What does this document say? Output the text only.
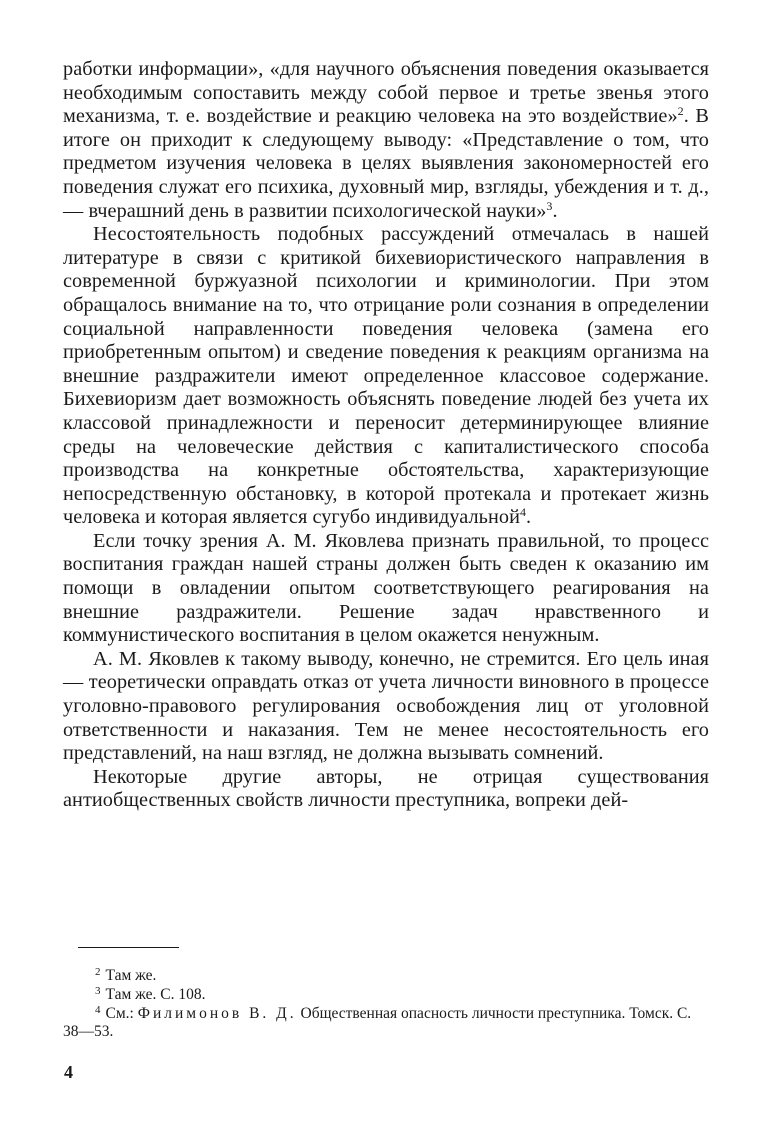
работки информации», «для научного объяснения поведения оказывается необходимым сопоставить между собой первое и третье звенья этого механизма, т. е. воздействие и реакцию человека на это воздействие»$^2$. В итоге он приходит к следующему выводу: «Представление о том, что предметом изучения человека в целях выявления закономерностей его поведения служат его психика, духовный мир, взгляды, убеждения и т. д.,— вчерашний день в развитии психологической науки»$^3$.

Несостоятельность подобных рассуждений отмечалась в нашей литературе в связи с критикой бихевиористического направления в современной буржуазной психологии и криминологии. При этом обращалось внимание на то, что отрицание роли сознания в определении социальной направленности поведения человека (замена его приобретенным опытом) и сведение поведения к реакциям организма на внешние раздражители имеют определенное классовое содержание. Бихевиоризм дает возможность объяснять поведение людей без учета их классовой принадлежности и переносит детерминирующее влияние среды на человеческие действия с капиталистического способа производства на конкретные обстоятельства, характеризующие непосредственную обстановку, в которой протекала и протекает жизнь человека и которая является сугубо индивидуальной$^4$.

Если точку зрения А. М. Яковлева признать правильной, то процесс воспитания граждан нашей страны должен быть сведен к оказанию им помощи в овладении опытом соответствующего реагирования на внешние раздражители. Решение задач нравственного и коммунистического воспитания в целом окажется ненужным.

А. М. Яковлев к такому выводу, конечно, не стремится. Его цель иная — теоретически оправдать отказ от учета личности виновного в процессе уголовно-правового регулирования освобождения лиц от уголовной ответственности и наказания. Тем не менее несостоятельность его представлений, на наш взгляд, не должна вызывать сомнений.

Некоторые другие авторы, не отрицая существования антиобщественных свойств личности преступника, вопреки дей-

$^2$ Там же.
$^3$ Там же. С. 108.
$^4$ См.: Филимонов В. Д. Общественная опасность личности преступника. Томск. С. 38—53.
4
